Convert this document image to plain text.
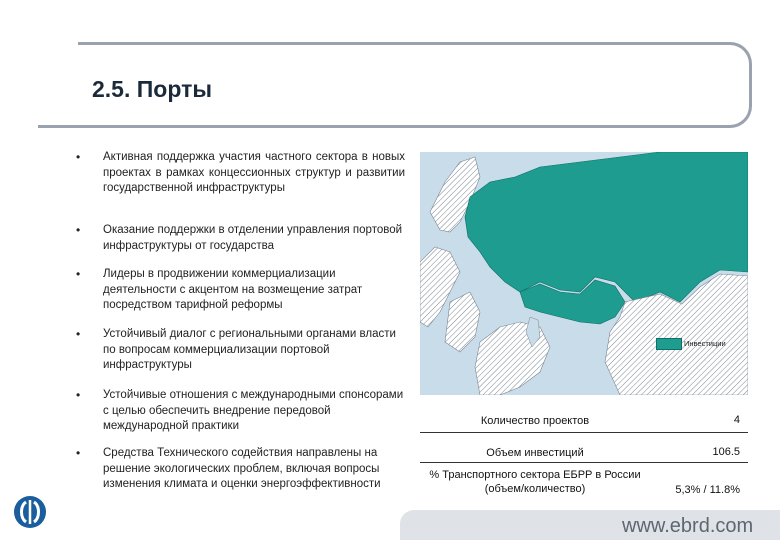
2.5. Порты
• Активная поддержка участия частного сектора в новых проектах в рамках концессионных структур и развитии государственной инфраструктуры
• Оказание поддержки в отделении управления портовой инфраструктуры от государства
• Лидеры в продвижении коммерциализации деятельности с акцентом на возмещение затрат посредством тарифной реформы
• Устойчивый диалог с региональными органами власти по вопросам коммерциализации портовой инфраструктуры
• Устойчивые отношения с международными спонсорами с целью обеспечить внедрение передовой международной практики
• Средства Технического содействия направлены на решение экологических проблем, включая вопросы изменения климата и оценки энергоэффективности
Инвестиции
Количество проектов	4
Объем инвестиций	106.5
% Транспортного сектора ЕБРР в России (объем/количество)	5,3% / 11.8%
www.ebrd.com
